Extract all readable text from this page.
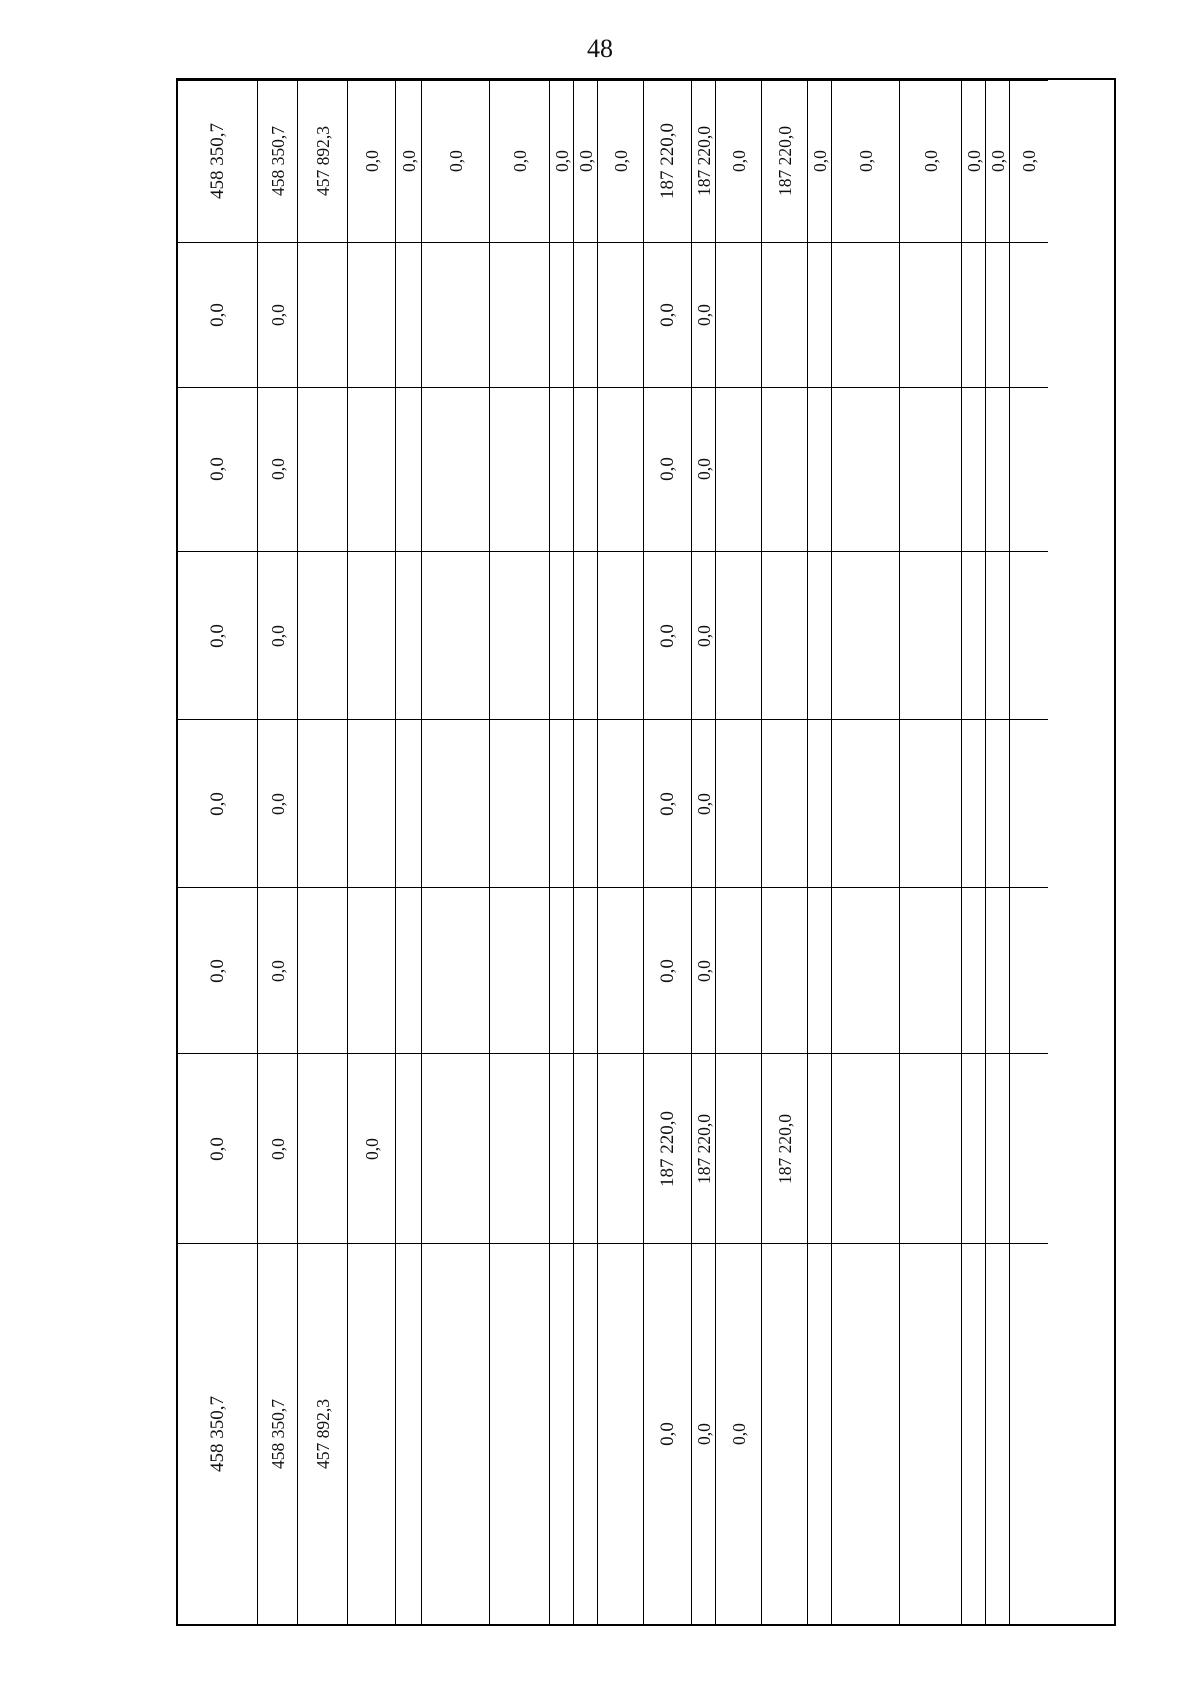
48
458 350,7
0,0
0,0
0,0
0,0
0,0
0,0
458 350,7
458 350,7
0,0
0,0
0,0
0,0
0,0
0,0
458 350,7
457 892,3
457 892,3
0,0
0,0 0,0 0,0	0,0 0,0 0,0 0,0
0,0
187 220,0
0,0
0,0
0,0
0,0
0,0
187 220,0
0,0
187 220,0
0,0
0,0
0,0
0,0
0,0
187 220,0
0,0
0,0
187 220,0
187 220,0 0,0 0,0	0,0 0,0 0,0 0,0
